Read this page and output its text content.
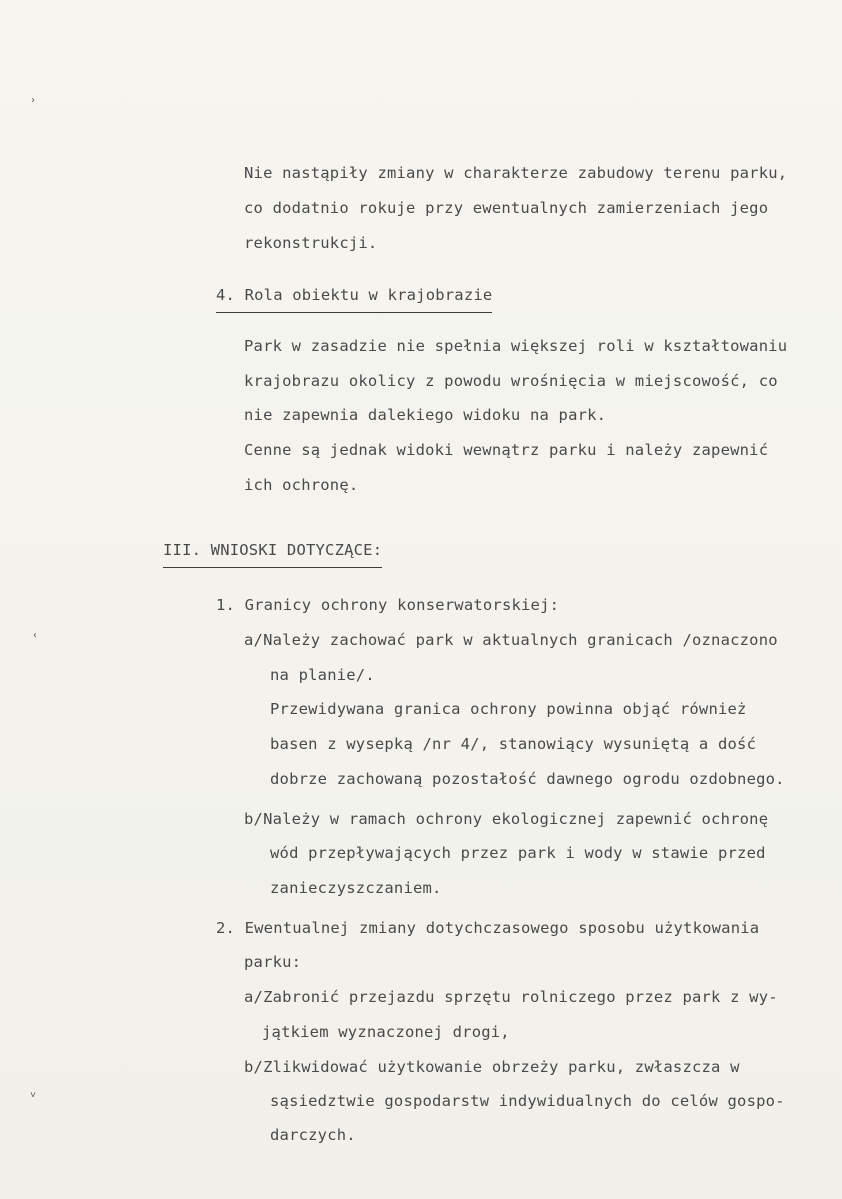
›
‹
˅
Nie nastąpiły zmiany w charakterze zabudowy terenu parku,
co dodatnio rokuje przy ewentualnych zamierzeniach jego
rekonstrukcji.
4. Rola obiektu w krajobrazie
Park w zasadzie nie spełnia większej roli w kształtowaniu
krajobrazu okolicy z powodu wrośnięcia w miejscowość, co
nie zapewnia dalekiego widoku na park.
Cenne są jednak widoki wewnątrz parku i należy zapewnić
ich ochronę.
III. WNIOSKI DOTYCZĄCE:
1. Granicy ochrony konserwatorskiej:
a/Należy zachować park w aktualnych granicach /oznaczono
na planie/.
Przewidywana granica ochrony powinna objąć również
basen z wysepką /nr 4/, stanowiący wysuniętą a dość
dobrze zachowaną pozostałość dawnego ogrodu ozdobnego.
b/Należy w ramach ochrony ekologicznej zapewnić ochronę
wód przepływających przez park i wody w stawie przed
zanieczyszczaniem.
2. Ewentualnej zmiany dotychczasowego sposobu użytkowania
parku:
a/Zabronić przejazdu sprzętu rolniczego przez park z wy-
jątkiem wyznaczonej drogi,
b/Zlikwidować użytkowanie obrzeży parku, zwłaszcza w
sąsiedztwie gospodarstw indywidualnych do celów gospo-
darczych.
